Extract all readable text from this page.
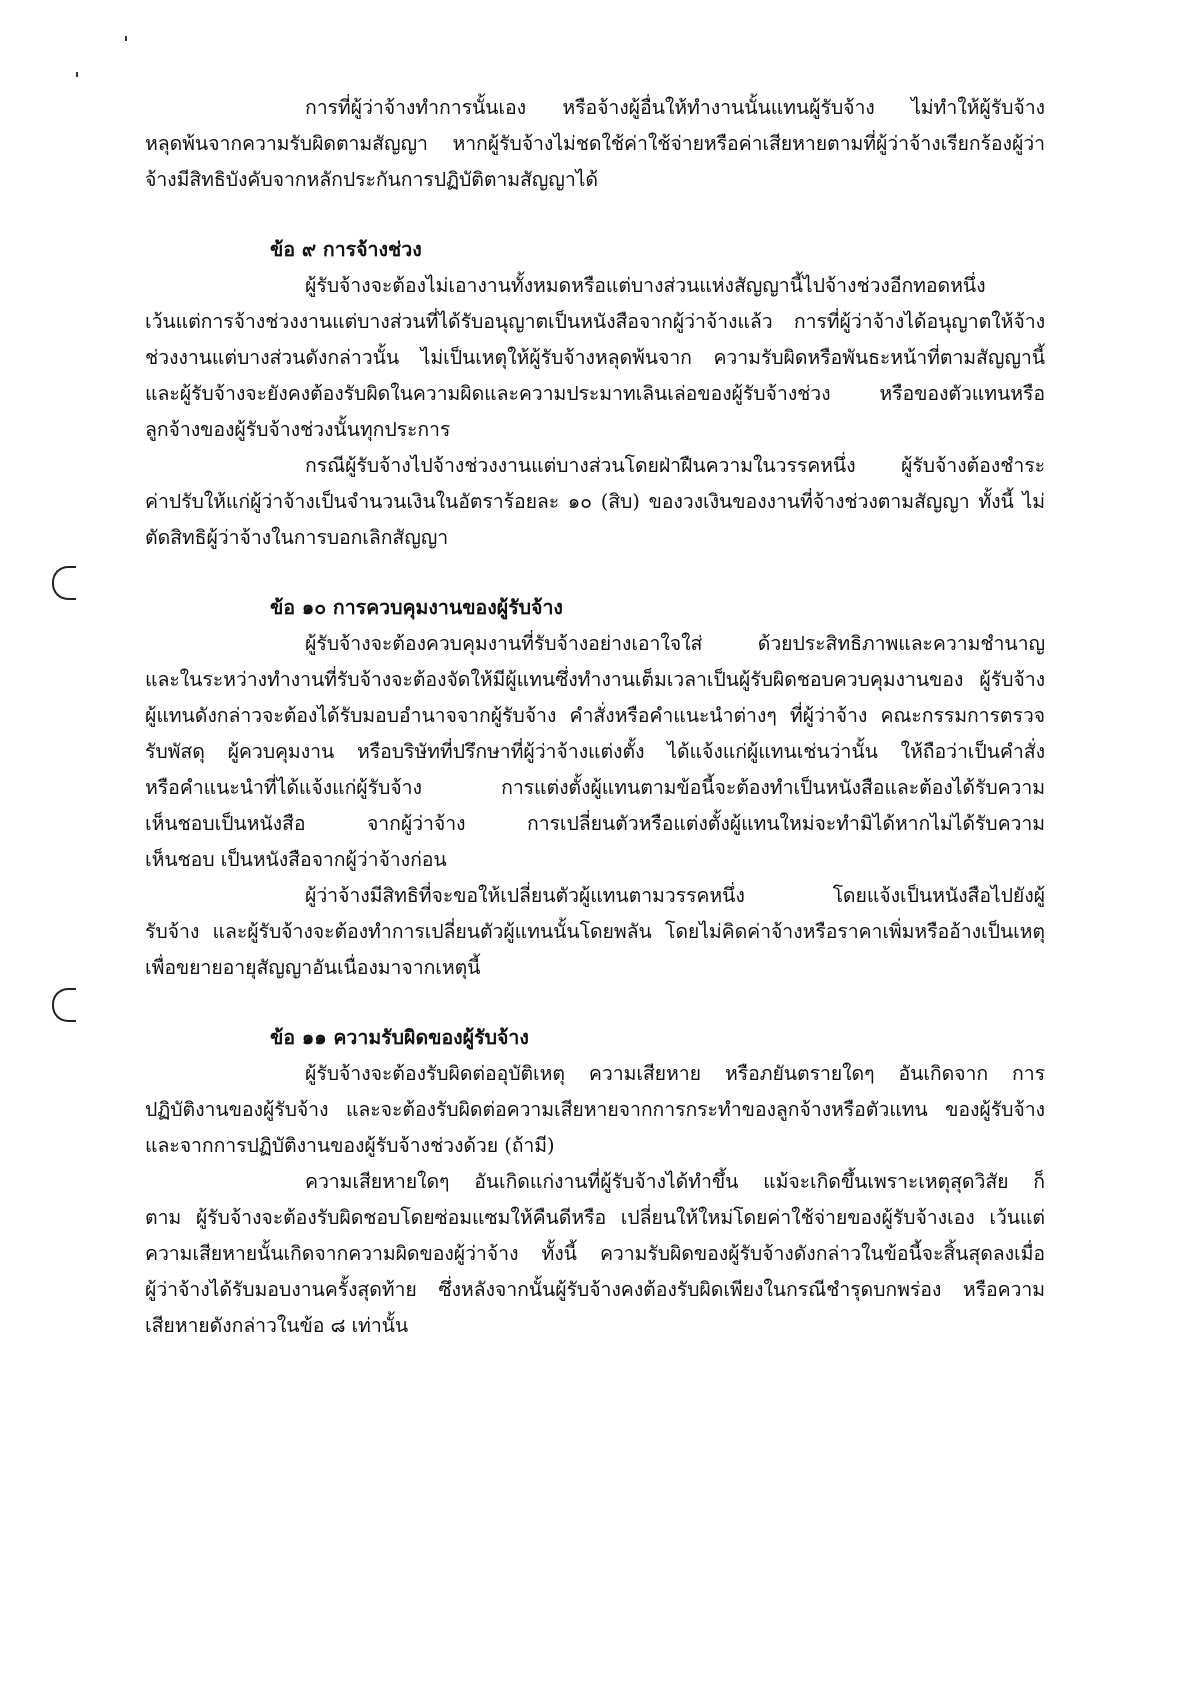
การที่ผู้ว่าจ้างทำการนั้นเอง หรือจ้างผู้อื่นให้ทำงานนั้นแทนผู้รับจ้าง ไม่ทำให้ผู้รับจ้าง
หลุดพ้นจากความรับผิดตามสัญญา หากผู้รับจ้างไม่ชดใช้ค่าใช้จ่ายหรือค่าเสียหายตามที่ผู้ว่าจ้างเรียกร้องผู้ว่า
จ้างมีสิทธิบังคับจากหลักประกันการปฏิบัติตามสัญญาได้
ข้อ ๙ การจ้างช่วง
ผู้รับจ้างจะต้องไม่เอางานทั้งหมดหรือแต่บางส่วนแห่งสัญญานี้ไปจ้างช่วงอีกทอดหนึ่ง
เว้นแต่การจ้างช่วงงานแต่บางส่วนที่ได้รับอนุญาตเป็นหนังสือจากผู้ว่าจ้างแล้ว การที่ผู้ว่าจ้างได้อนุญาตให้จ้าง
ช่วงงานแต่บางส่วนดังกล่าวนั้น ไม่เป็นเหตุให้ผู้รับจ้างหลุดพ้นจาก ความรับผิดหรือพันธะหน้าที่ตามสัญญานี้
และผู้รับจ้างจะยังคงต้องรับผิดในความผิดและความประมาทเลินเล่อของผู้รับจ้างช่วง	หรือของตัวแทนหรือ
ลูกจ้างของผู้รับจ้างช่วงนั้นทุกประการ
กรณีผู้รับจ้างไปจ้างช่วงงานแต่บางส่วนโดยฝ่าฝืนความในวรรคหนึ่ง ผู้รับจ้างต้องชำระ
ค่าปรับให้แก่ผู้ว่าจ้างเป็นจำนวนเงินในอัตราร้อยละ ๑๐ (สิบ) ของวงเงินของงานที่จ้างช่วงตามสัญญา ทั้งนี้ ไม่
ตัดสิทธิผู้ว่าจ้างในการบอกเลิกสัญญา
ข้อ ๑๐ การควบคุมงานของผู้รับจ้าง
ผู้รับจ้างจะต้องควบคุมงานที่รับจ้างอย่างเอาใจใส่	ด้วยประสิทธิภาพและความชำนาญ
และในระหว่างทำงานที่รับจ้างจะต้องจัดให้มีผู้แทนซึ่งทำงานเต็มเวลาเป็นผู้รับผิดชอบควบคุมงานของ ผู้รับจ้าง
ผู้แทนดังกล่าวจะต้องได้รับมอบอำนาจจากผู้รับจ้าง คำสั่งหรือคำแนะนำต่างๆ ที่ผู้ว่าจ้าง คณะกรรมการตรวจ
รับพัสดุ ผู้ควบคุมงาน หรือบริษัทที่ปรึกษาที่ผู้ว่าจ้างแต่งตั้ง ได้แจ้งแก่ผู้แทนเช่นว่านั้น ให้ถือว่าเป็นคำสั่ง
หรือคำแนะนำที่ได้แจ้งแก่ผู้รับจ้าง	การแต่งตั้งผู้แทนตามข้อนี้จะต้องทำเป็นหนังสือและต้องได้รับความ
เห็นชอบเป็นหนังสือ	จากผู้ว่าจ้าง	การเปลี่ยนตัวหรือแต่งตั้งผู้แทนใหม่จะทำมิได้หากไม่ได้รับความ
เห็นชอบ เป็นหนังสือจากผู้ว่าจ้างก่อน
ผู้ว่าจ้างมีสิทธิที่จะขอให้เปลี่ยนตัวผู้แทนตามวรรคหนึ่ง	โดยแจ้งเป็นหนังสือไปยังผู้
รับจ้าง และผู้รับจ้างจะต้องทำการเปลี่ยนตัวผู้แทนนั้นโดยพลัน โดยไม่คิดค่าจ้างหรือราคาเพิ่มหรืออ้างเป็นเหตุ
เพื่อขยายอายุสัญญาอันเนื่องมาจากเหตุนี้
ข้อ ๑๑ ความรับผิดของผู้รับจ้าง
ผู้รับจ้างจะต้องรับผิดต่ออุบัติเหตุ ความเสียหาย หรือภยันตรายใดๆ อันเกิดจาก การ
ปฏิบัติงานของผู้รับจ้าง และจะต้องรับผิดต่อความเสียหายจากการกระทำของลูกจ้างหรือตัวแทน ของผู้รับจ้าง
และจากการปฏิบัติงานของผู้รับจ้างช่วงด้วย (ถ้ามี)
ความเสียหายใดๆ อันเกิดแก่งานที่ผู้รับจ้างได้ทำขึ้น แม้จะเกิดขึ้นเพราะเหตุสุดวิสัย ก็
ตาม ผู้รับจ้างจะต้องรับผิดชอบโดยซ่อมแซมให้คืนดีหรือ เปลี่ยนให้ใหม่โดยค่าใช้จ่ายของผู้รับจ้างเอง เว้นแต่
ความเสียหายนั้นเกิดจากความผิดของผู้ว่าจ้าง ทั้งนี้ ความรับผิดของผู้รับจ้างดังกล่าวในข้อนี้จะสิ้นสุดลงเมื่อ
ผู้ว่าจ้างได้รับมอบงานครั้งสุดท้าย ซึ่งหลังจากนั้นผู้รับจ้างคงต้องรับผิดเพียงในกรณีชำรุดบกพร่อง หรือความ
เสียหายดังกล่าวในข้อ ๘ เท่านั้น
